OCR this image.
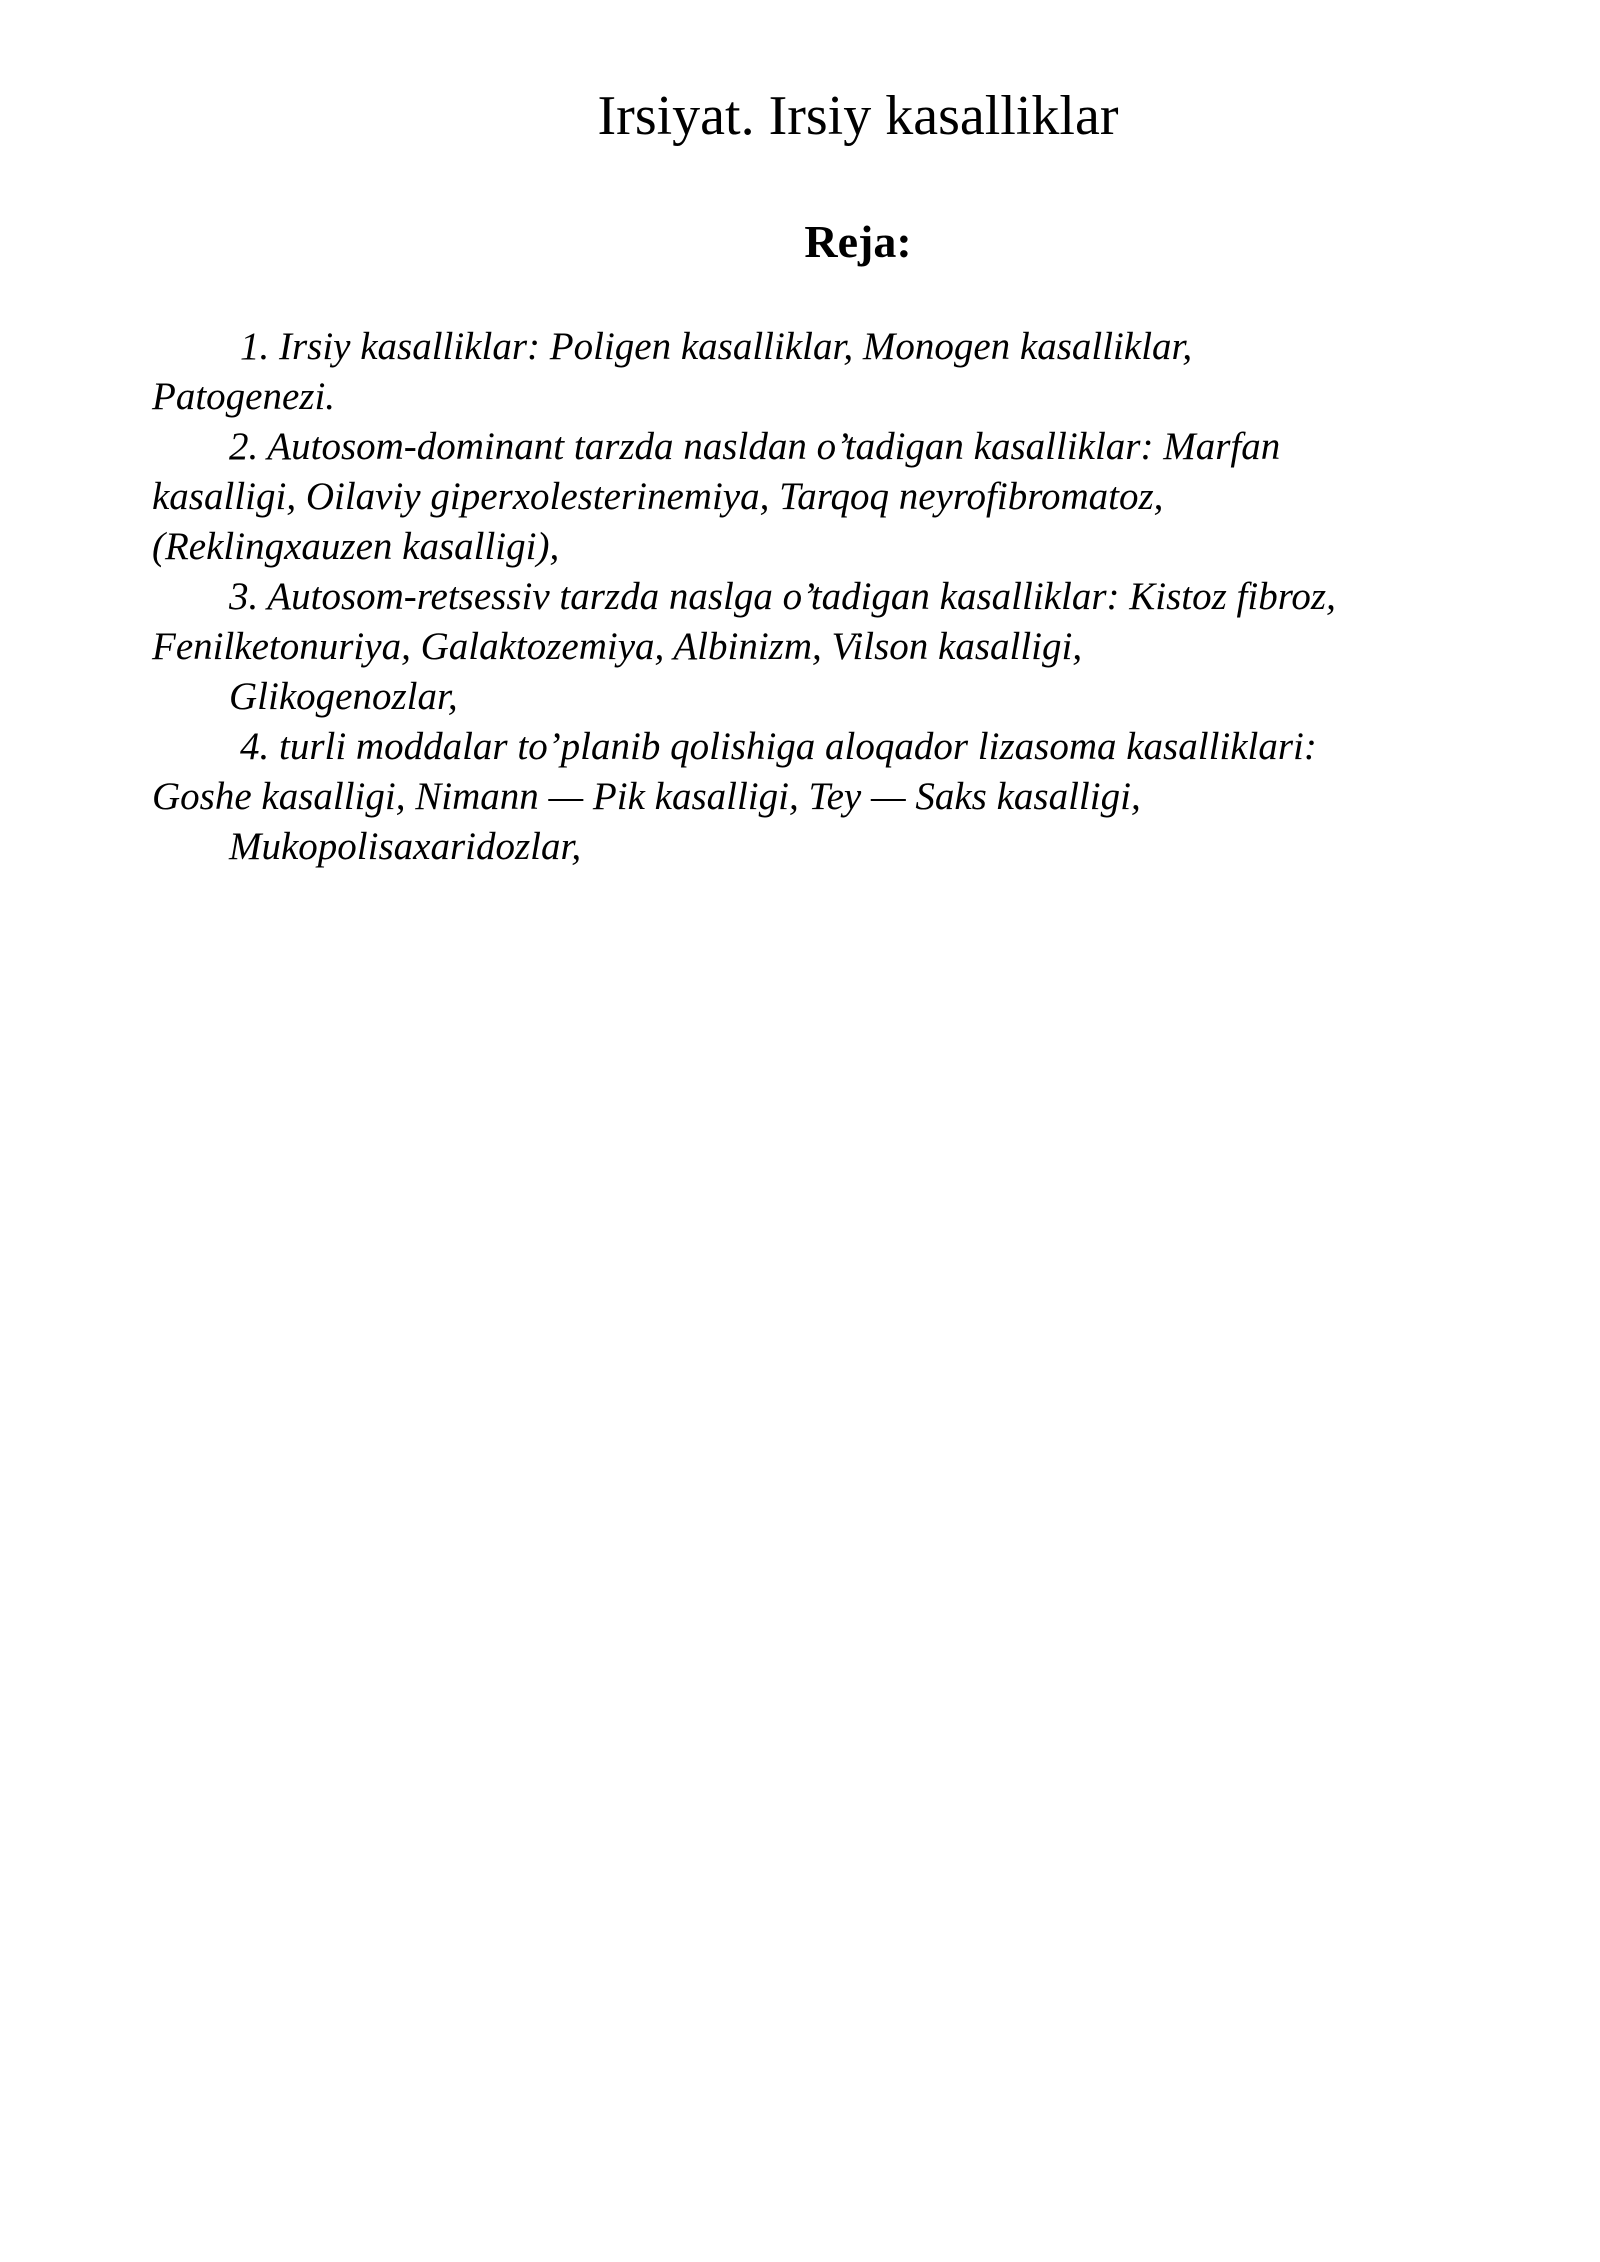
Irsiyat. Irsiy kasalliklar
Reja:
1. Irsiy kasalliklar: Poligen kasalliklar, Monogen kasalliklar,
Patogenezi.
2. Autosom-dominant tarzda nasldan o’tadigan kasalliklar: Marfan
kasalligi, Oilaviy giperxolesterinemiya, Tarqoq neyrofibromatoz,
(Reklingxauzen kasalligi),
3. Autosom-retsessiv tarzda naslga o’tadigan kasalliklar: Kistoz fibroz,
Fenilketonuriya, Galaktozemiya, Albinizm, Vilson kasalligi,
Glikogenozlar,
4. turli moddalar to’planib qolishiga aloqador lizasoma kasalliklari:
Goshe kasalligi, Nimann — Pik kasalligi, Tey — Saks kasalligi,
Mukopolisaxaridozlar,
